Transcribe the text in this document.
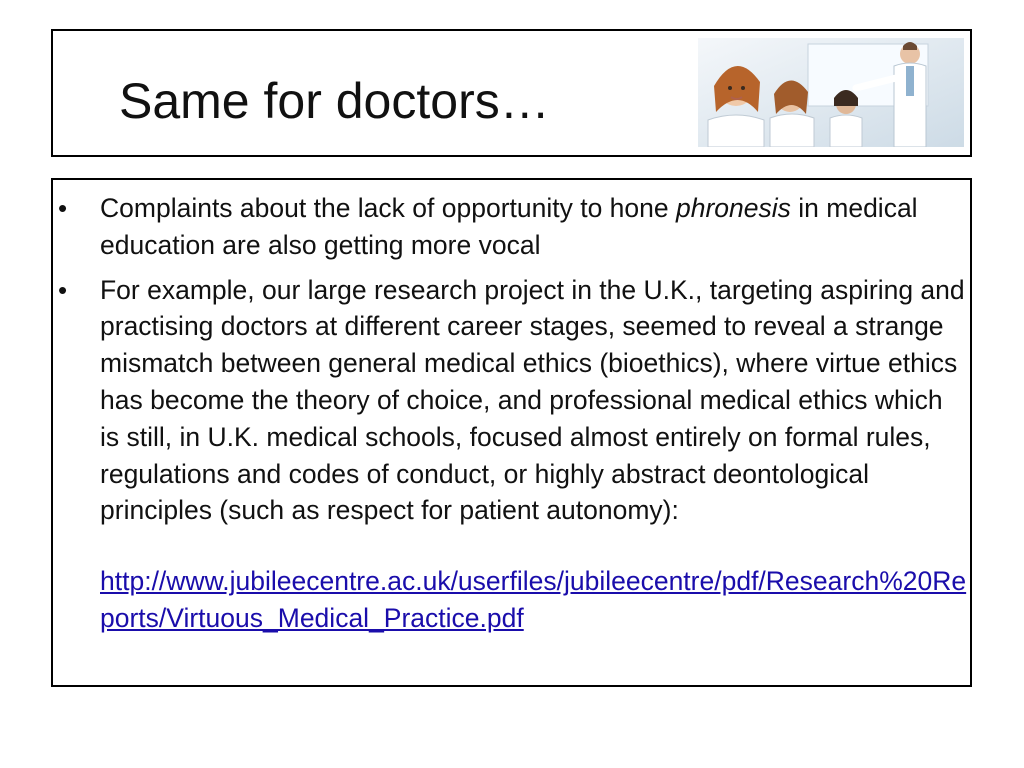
Same for doctors…
• Complaints about the lack of opportunity to hone phronesis in medical education are also getting more vocal
• For example, our large research project in the U.K., targeting aspiring and practising doctors at different career stages, seemed to reveal a strange mismatch between general medical ethics (bioethics), where virtue ethics has become the theory of choice, and professional medical ethics which is still, in U.K. medical schools, focused almost entirely on formal rules, regulations and codes of conduct, or highly abstract deontological principles (such as respect for patient autonomy):
http://www.jubileecentre.ac.uk/userfiles/jubileecentre/pdf/Research%20Reports/Virtuous_Medical_Practice.pdf
